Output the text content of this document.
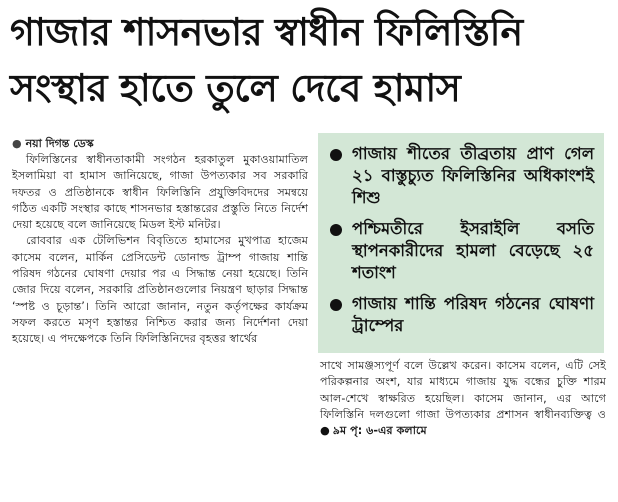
গাজার শাসনভার স্বাধীন ফিলিস্তিনি
সংস্থার হাতে তুলে দেবে হামাস
● নয়া দিগন্ত ডেস্ক

ফিলিস্তিনের স্বাধীনতাকামী সংগঠন হরকাতুল মুকাওয়ামাতিল ইসলামিয়া বা হামাস জানিয়েছে, গাজা উপত্যকার সব সরকারি দফতর ও প্রতিষ্ঠানকে স্বাধীন ফিলিস্তিনি প্রযুক্তিবিদদের সমন্বয়ে গঠিত একটি সংস্থার কাছে শাসনভার হস্তান্তরের প্রস্তুতি নিতে নির্দেশ দেয়া হয়েছে বলে জানিয়েছে মিডল ইস্ট মনিটর।

রোববার এক টেলিভিশন বিবৃতিতে হামাসের মুখপাত্র হাজেম কাসেম বলেন, মার্কিন প্রেসিডেন্ট ডোনাল্ড ট্রাম্প গাজায় শান্তি পরিষদ গঠনের ঘোষণা দেয়ার পর এ সিদ্ধান্ত নেয়া হয়েছে। তিনি জোর দিয়ে বলেন, সরকারি প্রতিষ্ঠানগুলোর নিয়ন্ত্রণ ছাড়ার সিদ্ধান্ত ‘স্পষ্ট ও চূড়ান্ত’। তিনি আরো জানান, নতুন কর্তৃপক্ষের কার্যক্রম সফল করতে মসৃণ হস্তান্তর নিশ্চিত করার জন্য নির্দেশনা দেয়া হয়েছে। এ পদক্ষেপকে তিনি ফিলিস্তিনিদের বৃহত্তর স্বার্থের

গাজায় শীতের তীব্রতায় প্রাণ গেল ২১ বাস্তুচ্যুত ফিলিস্তিনির অধিকাংশই শিশু
পশ্চিমতীরে ইসরাইলি বসতি স্থাপনকারীদের হামলা বেড়েছে ২৫ শতাংশ
গাজায় শান্তি পরিষদ গঠনের ঘোষণা ট্রাম্পের

সাথে সামঞ্জস্যপূর্ণ বলে উল্লেখ করেন। কাসেম বলেন, এটি সেই পরিকল্পনার অংশ, যার মাধ্যমে গাজায় যুদ্ধ বন্ধের চুক্তি শারম আল-শেখে স্বাক্ষরিত হয়েছিল। কাসেম জানান, এর আগে ফিলিস্তিনি দলগুলো গাজা উপত্যকার প্রশাসন স্বাধীনব্যক্তিত্ব ও ● ৯ম পৃ: ৬-এর কলামে
